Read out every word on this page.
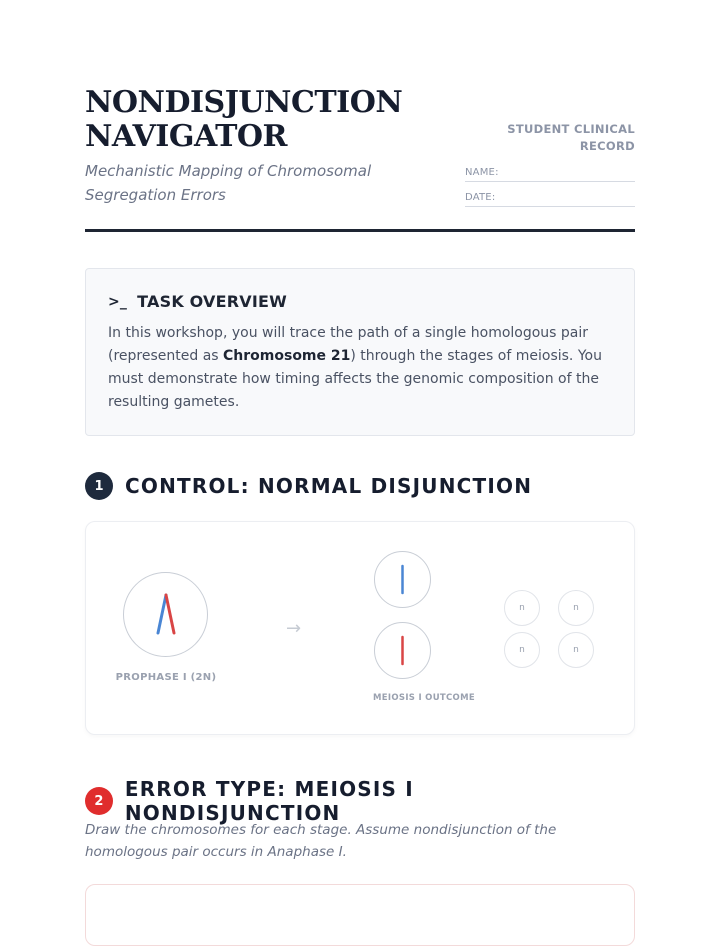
NONDISJUNCTION NAVIGATOR

Mechanistic Mapping of Chromosomal Segregation Errors

STUDENT CLINICAL RECORD
NAME:
DATE:
>_ TASK OVERVIEW

In this workshop, you will trace the path of a single homologous pair (represented as Chromosome 21) through the stages of meiosis. You must demonstrate how timing affects the genomic composition of the resulting gametes.

1	CONTROL: NORMAL DISJUNCTION
PROPHASE I (2N)
→
MEIOSIS I OUTCOME
n	n
n	n
2	ERROR TYPE: MEIOSIS I NONDISJUNCTION

Draw the chromosomes for each stage. Assume nondisjunction of the homologous pair occurs in Anaphase I.
